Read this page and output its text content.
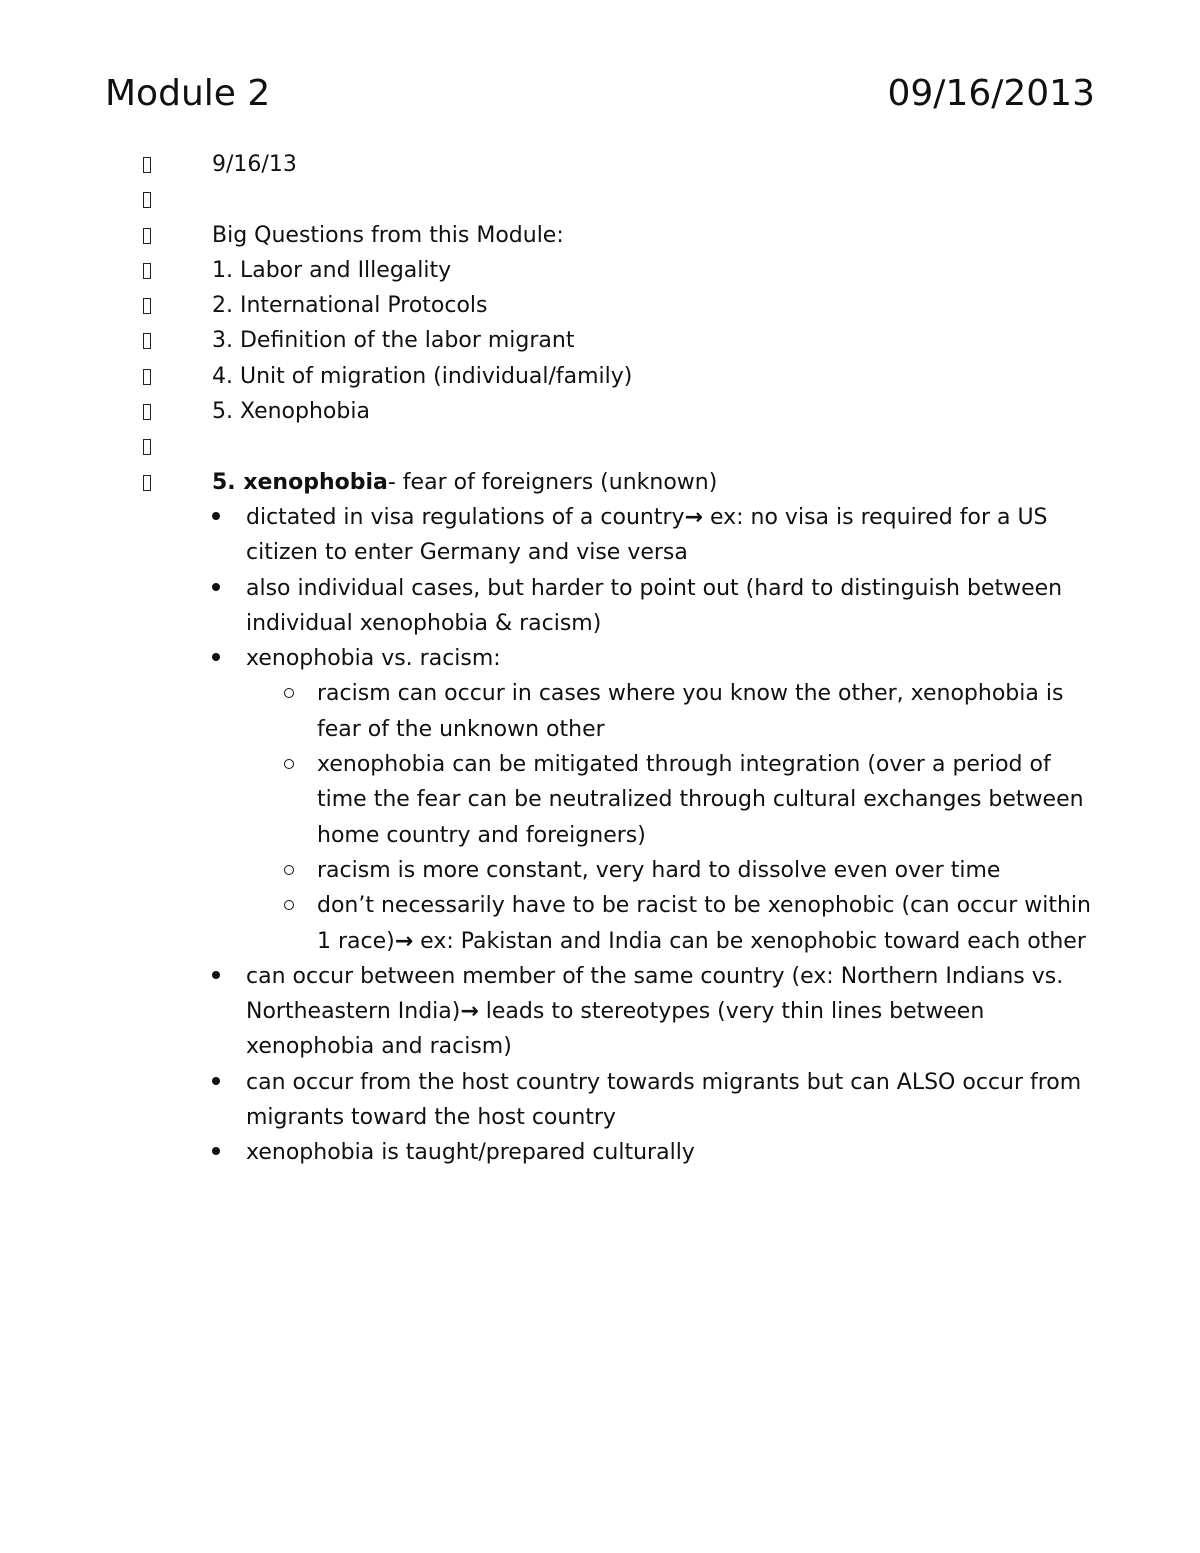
Module 2	09/16/2013
9/16/13
Big Questions from this Module:
1. Labor and Illegality
2. International Protocols
3. Definition of the labor migrant
4. Unit of migration (individual/family)
5. Xenophobia
5. xenophobia- fear of foreigners (unknown)
dictated in visa regulations of a country→ ex: no visa is required for a US citizen to enter Germany and vise versa
also individual cases, but harder to point out (hard to distinguish between individual xenophobia & racism)
xenophobia vs. racism:
racism can occur in cases where you know the other, xenophobia is fear of the unknown other
xenophobia can be mitigated through integration (over a period of time the fear can be neutralized through cultural exchanges between home country and foreigners)
racism is more constant, very hard to dissolve even over time
don’t necessarily have to be racist to be xenophobic (can occur within 1 race)→ ex: Pakistan and India can be xenophobic toward each other
can occur between member of the same country (ex: Northern Indians vs. Northeastern India)→ leads to stereotypes (very thin lines between xenophobia and racism)
can occur from the host country towards migrants but can ALSO occur from migrants toward the host country
xenophobia is taught/prepared culturally
